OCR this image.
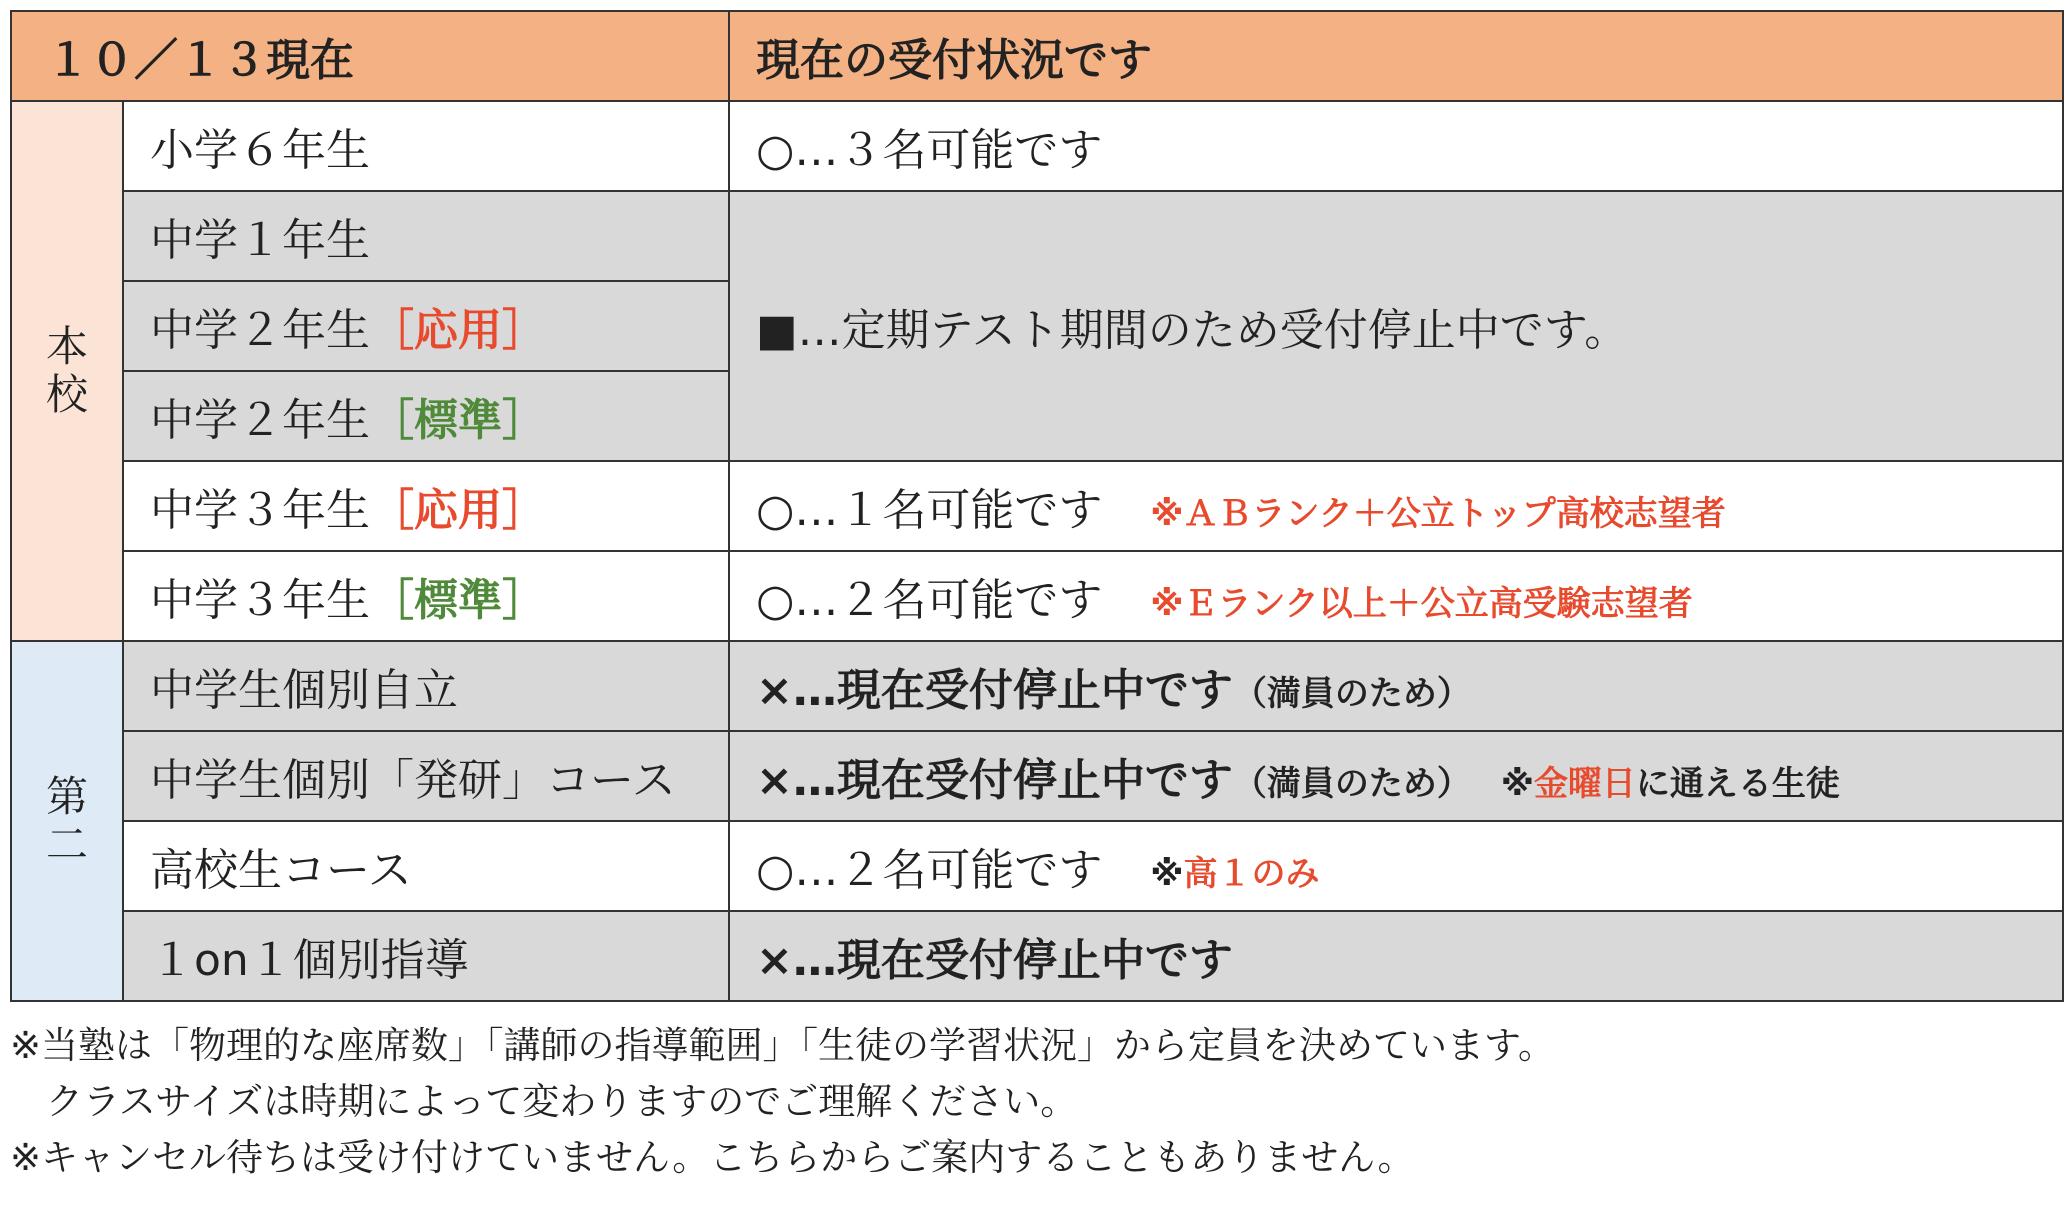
１０／１３現在		現在の受付状況です

本
校	小学６年生	○…３名可能です
	中学１年生	■…定期テスト期間のため受付停止中です。
	中学２年生［応用］	
	中学２年生［標準］	
	中学３年生［応用］	○…１名可能です ※ＡＢランク＋公立トップ高校志望者
	中学３年生［標準］	○…２名可能です ※Ｅランク以上＋公立高受験志望者

第
二	中学生個別自立	×…現在受付停止中です（満員のため）
	中学生個別「発研」コース	×…現在受付停止中です（満員のため） ※金曜日に通える生徒
	高校生コース	○…２名可能です ※高１のみ
	１on１個別指導	×…現在受付停止中です

※当塾は「物理的な座席数」「講師の指導範囲」「生徒の学習状況」から定員を決めています。

クラスサイズは時期によって変わりますのでご理解ください。

※キャンセル待ちは受け付けていません。こちらからご案内することもありません。
